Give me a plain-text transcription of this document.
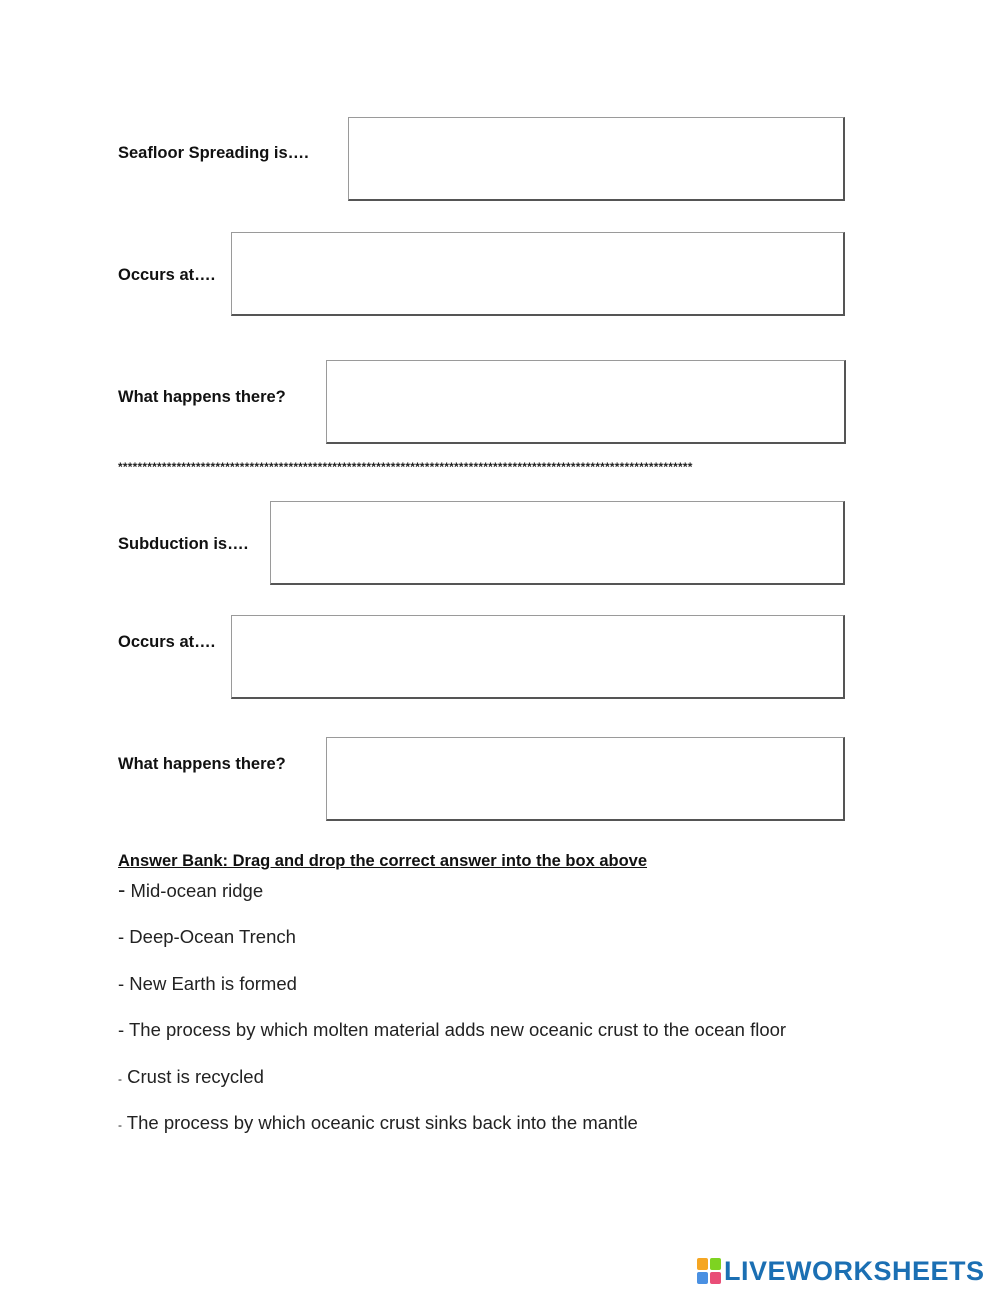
Seafloor Spreading is….
Occurs at….
What happens there?
**********************************************************************************************************************
Subduction is….
Occurs at….
What happens there?
Answer Bank: Drag and drop the correct answer into the box above
- Mid-ocean ridge
- Deep-Ocean Trench
- New Earth is formed
- The process by which molten material adds new oceanic crust to the ocean floor
- Crust is recycled
- The process by which oceanic crust sinks back into the mantle
LIVEWORKSHEETS
